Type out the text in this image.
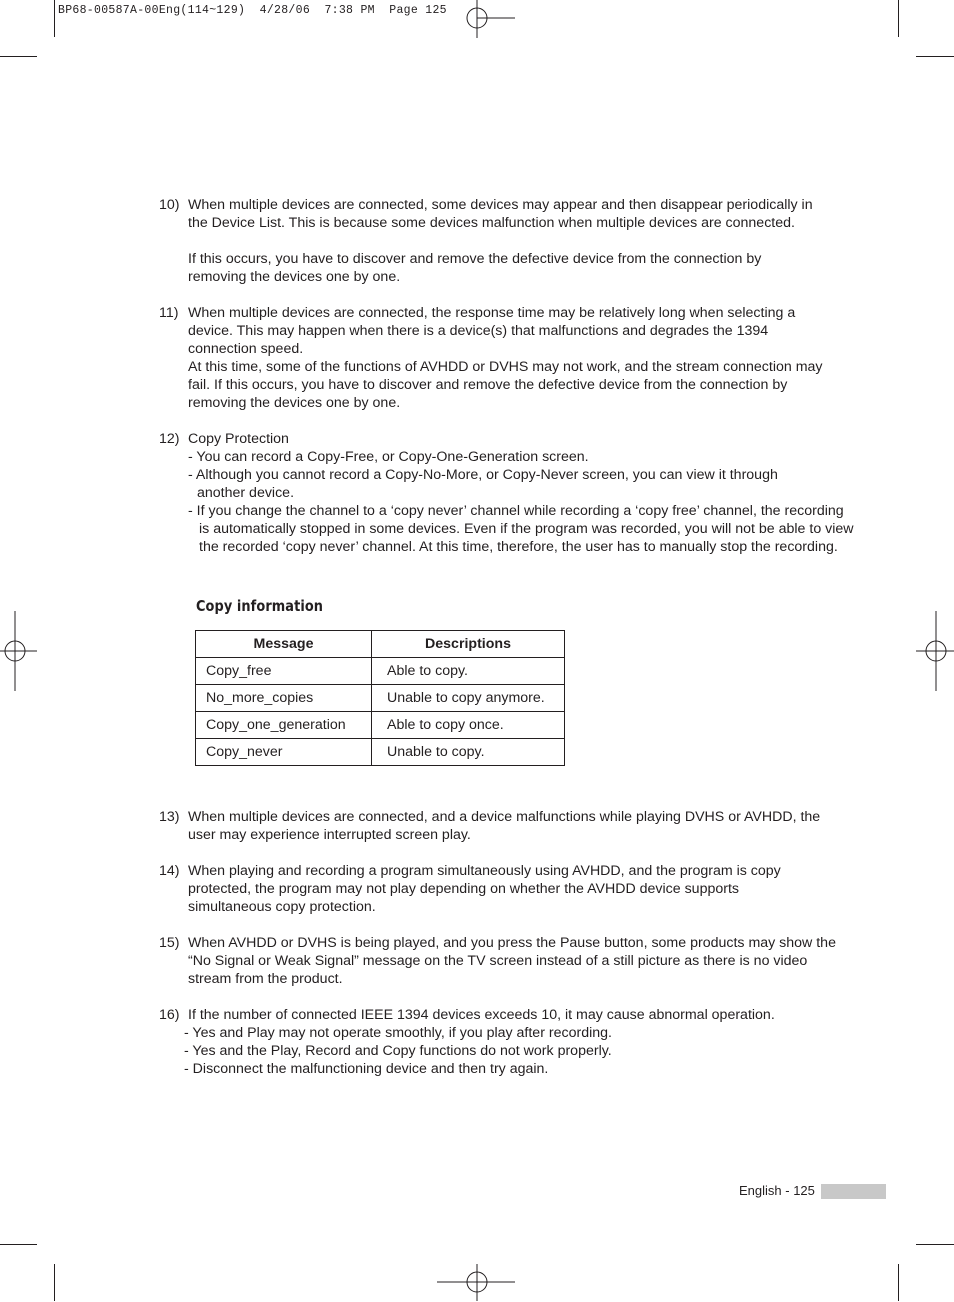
BP68-00587A-00Eng(114~129)  4/28/06  7:38 PM  Page 125
10) When multiple devices are connected, some devices may appear and then disappear periodically in the Device List. This is because some devices malfunction when multiple devices are connected.

If this occurs, you have to discover and remove the defective device from the connection by removing the devices one by one.

11) When multiple devices are connected, the response time may be relatively long when selecting a device. This may happen when there is a device(s) that malfunctions and degrades the 1394 connection speed.

At this time, some of the functions of AVHDD or DVHS may not work, and the stream connection may fail. If this occurs, you have to discover and remove the defective device from the connection by removing the devices one by one.

12) Copy Protection

- You can record a Copy-Free, or Copy-One-Generation screen.
- Although you cannot record a Copy-No-More, or Copy-Never screen, you can view it through another device.
- If you change the channel to a ‘copy never’ channel while recording a ‘copy free’ channel, the recording is automatically stopped in some devices. Even if the program was recorded, you will not be able to view the recorded ‘copy never’ channel. At this time, therefore, the user has to manually stop the recording.
Copy information
Message	Descriptions
Copy_free	Able to copy.
No_more_copies	Unable to copy anymore.
Copy_one_generation	Able to copy once.
Copy_never	Unable to copy.
13) When multiple devices are connected, and a device malfunctions while playing DVHS or AVHDD, the user may experience interrupted screen play.

14) When playing and recording a program simultaneously using AVHDD, and the program is copy protected, the program may not play depending on whether the AVHDD device supports simultaneous copy protection.

15) When AVHDD or DVHS is being played, and you press the Pause button, some products may show the “No Signal or Weak Signal” message on the TV screen instead of a still picture as there is no video stream from the product.

16) If the number of connected IEEE 1394 devices exceeds 10, it may cause abnormal operation.

- Yes and Play may not operate smoothly, if you play after recording.
- Yes and the Play, Record and Copy functions do not work properly.
- Disconnect the malfunctioning device and then try again.
English - 125
